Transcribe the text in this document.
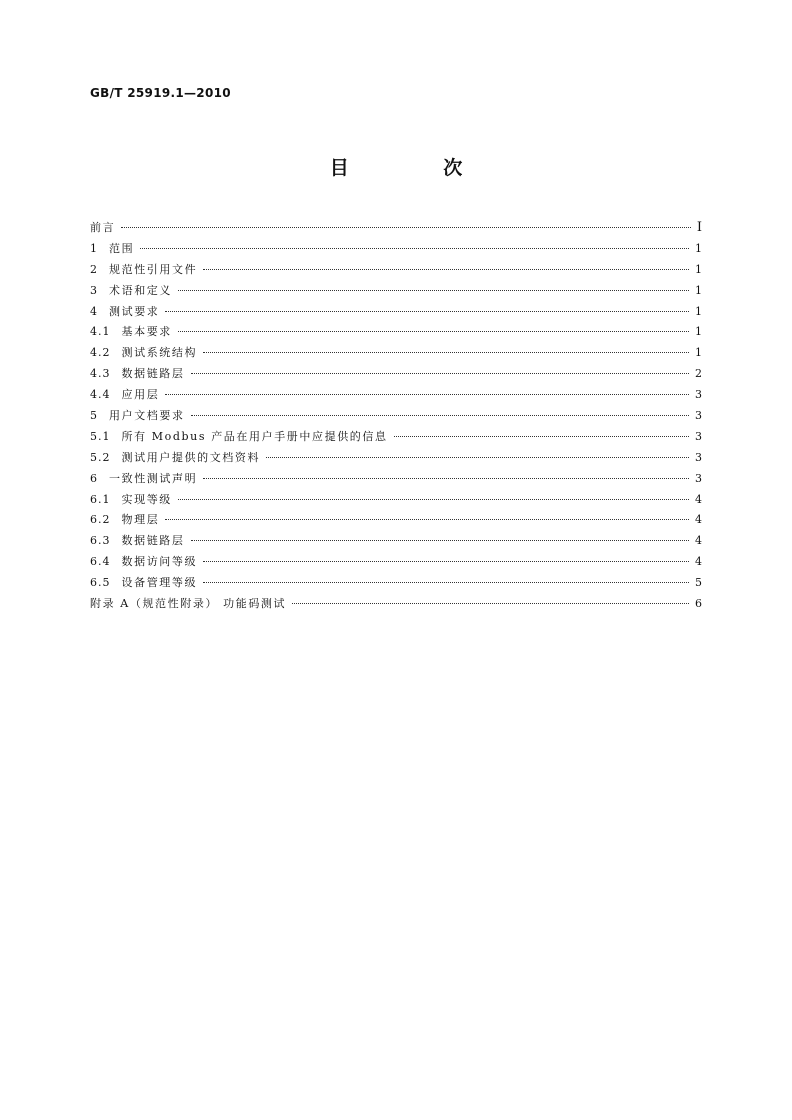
GB/T 25919.1—2010
目 次
前言	I
1 范围	1
2 规范性引用文件	1
3 术语和定义	1
4 测试要求	1
4.1 基本要求	1
4.2 测试系统结构	1
4.3 数据链路层	2
4.4 应用层	3
5 用户文档要求	3
5.1 所有 Modbus 产品在用户手册中应提供的信息	3
5.2 测试用户提供的文档资料	3
6 一致性测试声明	3
6.1 实现等级	4
6.2 物理层	4
6.3 数据链路层	4
6.4 数据访问等级	4
6.5 设备管理等级	5
附录 A（规范性附录） 功能码测试	6
